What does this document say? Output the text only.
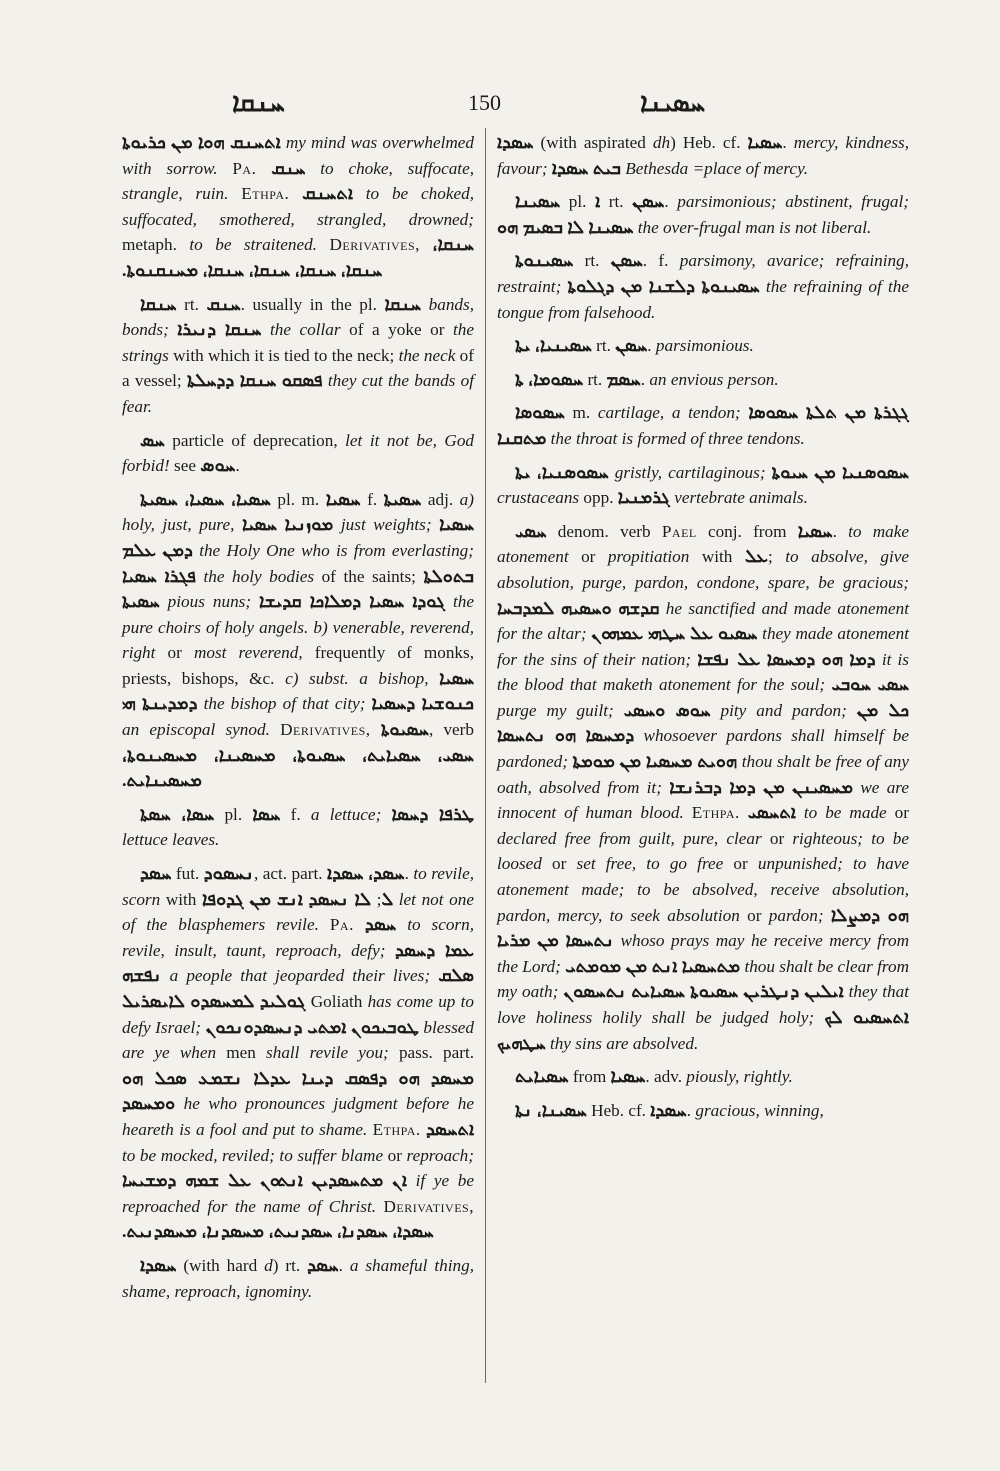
ܚܢܩܐ	150	ܚܣܝܢܐ

ܐܬܚܢܩ ܗܘܐ ܡܢ ܟܪܝܘܬܐ my mind was overwhelmed with sorrow. Pa. ܚܢܩ to choke, suffocate, strangle, ruin. Ethpa. ܐܬܚܢܩ to be choked, suffocated, smothered, strangled, drowned; metaph. to be straitened. Derivatives, ܚܢܩܐ، ܚܢܩܐ، ܚܢܩܐ، ܚܢܩܐ، ܚܢܩܐ، ܡܚܢܩܢܘܬܐ.

ܚܢܩܐ rt. ܚܢܩ. usually in the pl. ܚܢܩܐ bands, bonds; ܚܢܩܐ ܕܢܝܪܐ the collar of a yoke or the strings with which it is tied to the neck; the neck of a vessel; ܦܣܩܘ ܚܢܩܐ ܕܕܚܠܬܐ they cut the bands of fear.

ܚܣ particle of deprecation, let it not be, God forbid! see ܚܘܣ.

ܚܣܝܐ، ܚܣܝܐ، ܚܣܝܬܐ pl. m. ܚܣܝܐ f. ܚܣܝܬܐ adj. a) holy, just, pure, ܡܘܙܢܝܐ ܚܣܝܐ just weights; ܚܣܝܐ ܕܡܢ ܥܠܡ the Holy One who is from everlasting; ܦܓܪܐ ܚܣܝܐ the holy bodies of the saints; ܒܬܘܠܬܐ ܚܣܝܬܐ pious nuns; ܓܘܕܐ ܚܣܝܐ ܕܡܠܐܟܐ ܩܕܝܫܐ the pure choirs of holy angels. b) venerable, reverend, right or most reverend, frequently of monks, priests, bishops, &c. c) subst. a bishop, ܚܣܝܐ ܕܡܕܝܢܬܐ ܗܝ the bishop of that city; ܟܢܘܫܝܐ ܕܚܣܝܐ an episcopal synod. Derivatives, ܚܣܝܘܬܐ, verb ܚܣܝ، ܚܣܝܐܝܬ، ܚܣܝܘܬܐ، ܡܚܣܝܢܐ، ܡܚܣܝܢܘܬܐ، ܡܚܣܝܢܐܝܬ.

ܚܣܐ، ܚܣܬܐ pl. ܚܣܐ f. a lettuce; ܛܪܦܐ ܕܚܣܐ lettuce leaves.

ܚܣܕ fut. ܢܚܣܘܕ, act. part. ܚܣܕ، ܚܣܕܐ. to revile, scorn with	ܠ; ܠܐ ܢܚܣܕ ܐܢܫ ܡܢ ܓܕܘܦܐ let not one of the blasphemers revile. Pa. ܚܣܕ to scorn, revile, insult, taunt, reproach, defy; ܥܡܐ ܕܚܣܕ ܢܦܫܗ a people that jeoparded their lives; ܣܠܩ ܓܘܠܝܕ ܠܡܚܣܕܘ ܠܐܝܣܪܝܠ Goliath has come up to defy Israel; ܛܘܒܝܟܘܢ ܐܡܬܝ ܕܢܚܣܕܘܢܟܘܢ blessed are ye when men shall revile you; pass. part. ܡܚܣܕ ܗܘ ܕܦܣܩ ܕܝܢܐ ܥܕܠܐ ܢܫܡܥ ܣܟܠ ܗܘ ܘܡܚܣܕ he who pronounces judgment before he heareth is a fool and put to shame. Ethpa. ܐܬܚܣܕ to be mocked, reviled; to suffer blame or reproach; ܐܢ ܡܬܚܣܕܝܢ ܐܢܬܘܢ ܥܠ ܫܡܗ ܕܡܫܝܚܐ if ye be reproached for the name of Christ. Derivatives, ܚܣܕܐ، ܚܣܕܢܐ، ܚܣܕܢܝܬ، ܡܚܣܕܢܐ، ܡܚܣܕܢܝܬ.

ܚܣܕܐ (with hard d) rt. ܚܣܕ. a shameful thing, shame, reproach, ignominy.

ܚܣܕܐ (with aspirated dh) Heb. cf. ܚܣܝܐ. mercy, kindness, favour; ܒܝܬ ܚܣܕܐ Bethesda =place of mercy.

ܚܣܝܢܐ pl. ܐ rt. ܚܣܢ. parsimonious; abstinent, frugal; ܚܣܝܢܐ ܠܐ ܒܣܝܡ ܗܘ the over-frugal man is not liberal.

ܚܣܝܢܘܬܐ rt. ܚܣܢ. f. parsimony, avarice; refraining, restraint; ܚܣܝܢܘܬܐ ܕܠܫܢܐ ܡܢ ܕܓܠܘܬܐ the refraining of the tongue from falsehood.

ܚܣܝܢܝܐ، ܝܬܐ rt. ܚܣܢ. parsimonious.

ܚܣܘܡܐ، ܬܐ rt. ܚܣܡ. an envious person.

ܚܣܘܣܐ m. cartilage, a tendon; ܓܓܪܬܐ ܡܢ ܬܠܬܐ ܚܣܘܣܐ ܡܬܩܢܐ the throat is formed of three tendons.

ܚܣܘܣܢܝܐ، ܝܬܐ gristly, cartilaginous; ܚܣܘܣܢܝܐ ܡܢ ܚܝܘܬܐ crustaceans opp. ܓܪܡܢܝܐ vertebrate animals.

ܚܣܝ denom. verb Pael conj. from ܚܣܝܐ. to make atonement or propitiation with ܥܠ; to absolve, give absolution, purge, pardon, condone, spare, be gracious; ܩܕܫܗ ܘܚܣܝܗ ܠܡܕܒܚܐ he sanctified and made atonement for the altar; ܚܣܝܘ ܥܠ ܚܛܗܝ ܥܡܗܘܢ they made atonement for the sins of their nation; ܕܡܐ ܗܘ ܕܡܚܣܐ ܥܠ ܢܦܫܐ it is the blood that maketh atonement for the soul; ܚܣܝ ܚܘܒܝ purge my guilt; ܚܘܣ ܘܚܣܝ pity and pardon; ܟܠ ܡܢ ܕܡܚܣܐ ܗܘ ܢܬܚܣܐ whosoever pardons shall himself be pardoned; ܗܘܝܬ ܡܚܣܝܐ ܡܢ ܡܘܡܬܐ thou shalt be free of any oath, absolved from it; ܡܚܣܝܢܢ ܡܢ ܕܡܐ ܕܒܪܢܫܐ we are innocent of human blood. Ethpa. ܐܬܚܣܝ to be made or declared free from guilt, pure, clear or righteous; to be loosed or set free, to go free or unpunished; to have atonement made; to be absolved, receive absolution, pardon, mercy, to seek absolution or pardon; ܗܘ ܕܡܨܠܐ ܢܬܚܣܐ ܡܢ ܡܪܝܐ whoso prays may he receive mercy from the Lord; ܡܬܚܣܝܐ ܐܢܬ ܡܢ ܡܘܡܬܝ thou shalt be clear from my oath; ܐܝܠܝܢ ܕܢܛܪܝܢ ܚܣܝܘܬܐ ܚܣܝܐܝܬ ܢܬܚܣܘܢ they that love holiness holily shall be judged holy; ܐܬܚܣܝܘ ܠܟ ܚܛܗܝܟ thy sins are absolved.

ܚܣܝܐܝܬ from ܚܣܝܐ. adv. piously, rightly.

ܚܣܝܢܐ، ܢܬܐ Heb. cf. ܚܣܕܐ. gracious, winning,
